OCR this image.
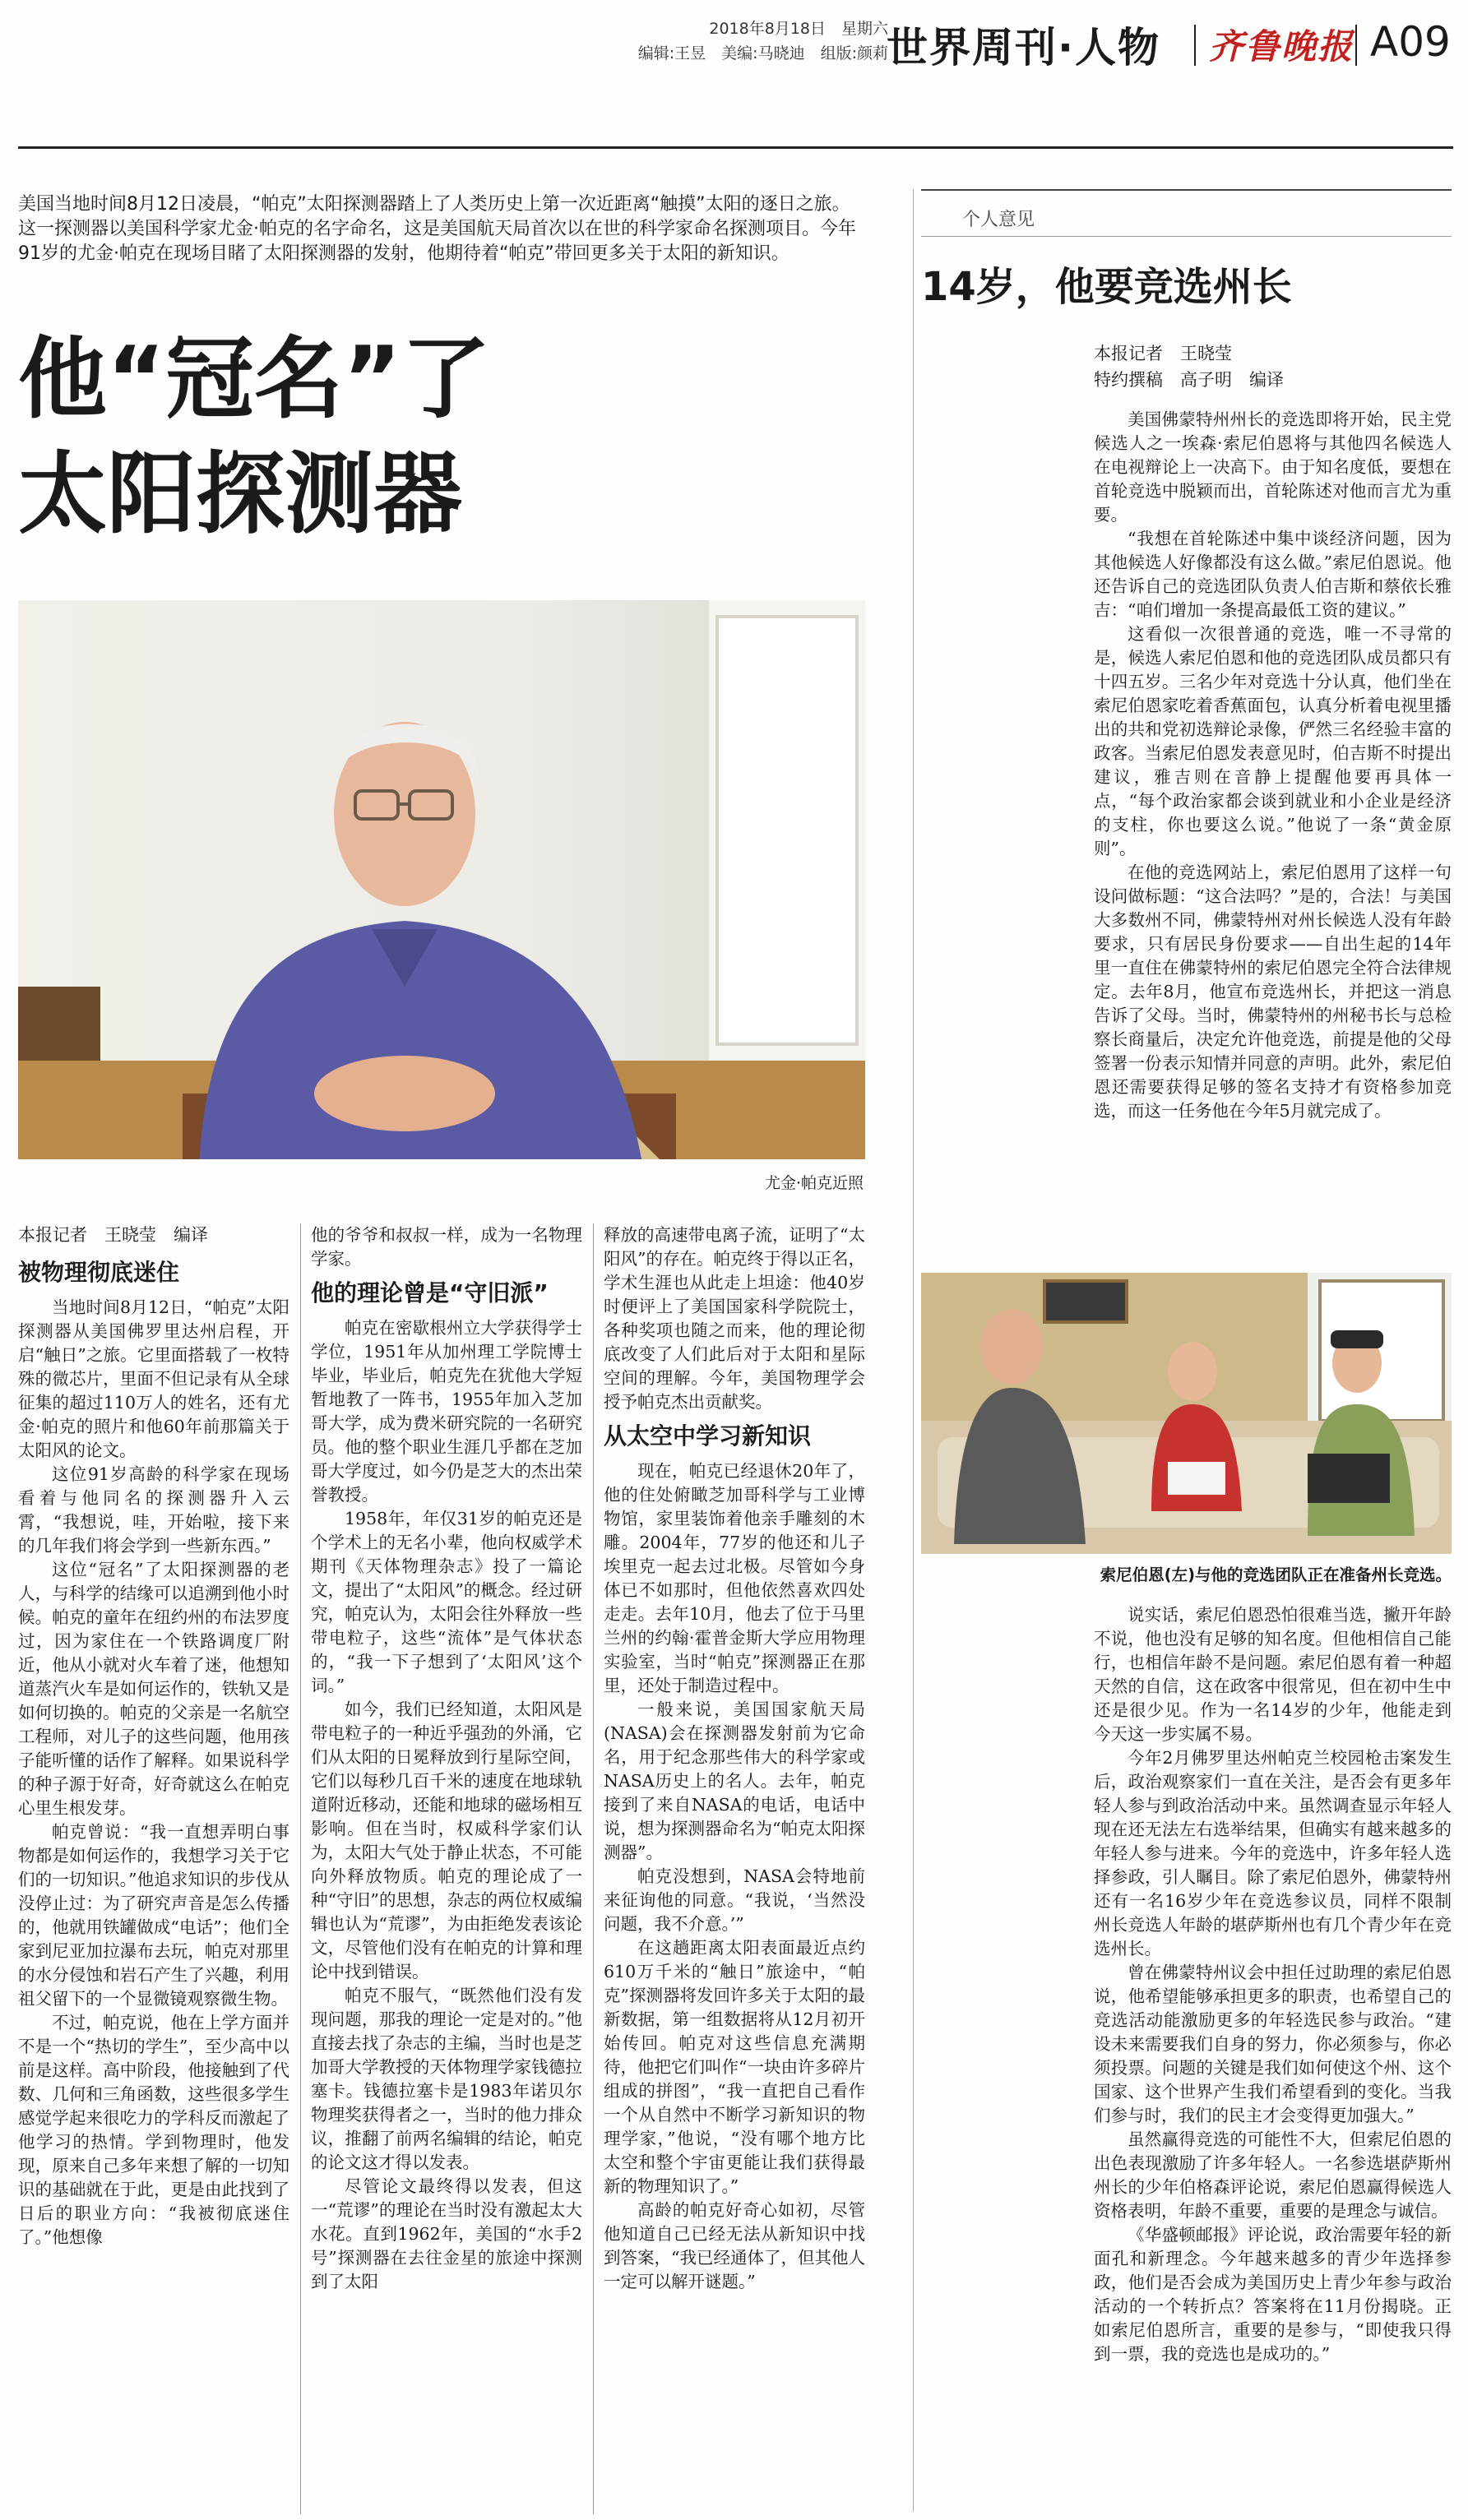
2018年8月18日　星期六
编辑:王昱　美编:马晓迪　组版:颜莉
世界周刊·人物 齐鲁晚报 A09
美国当地时间8月12日凌晨，“帕克”太阳探测器踏上了人类历史上第一次近距离“触摸”太阳的逐日之旅。这一探测器以美国科学家尤金·帕克的名字命名，这是美国航天局首次以在世的科学家命名探测项目。今年91岁的尤金·帕克在现场目睹了太阳探测器的发射，他期待着“帕克”带回更多关于太阳的新知识。
他“冠名”了
太阳探测器
尤金·帕克近照
本报记者　王晓莹　编译
被物理彻底迷住

当地时间8月12日，“帕克”太阳探测器从美国佛罗里达州启程，开启“触日”之旅。它里面搭载了一枚特殊的微芯片，里面不但记录有从全球征集的超过110万人的姓名，还有尤金·帕克的照片和他60年前那篇关于太阳风的论文。

这位91岁高龄的科学家在现场看着与他同名的探测器升入云霄，“我想说，哇，开始啦，接下来的几年我们将会学到一些新东西。”

这位“冠名”了太阳探测器的老人，与科学的结缘可以追溯到他小时候。帕克的童年在纽约州的布法罗度过，因为家住在一个铁路调度厂附近，他从小就对火车着了迷，他想知道蒸汽火车是如何运作的，铁轨又是如何切换的。帕克的父亲是一名航空工程师，对儿子的这些问题，他用孩子能听懂的话作了解释。如果说科学的种子源于好奇，好奇就这么在帕克心里生根发芽。

帕克曾说：“我一直想弄明白事物都是如何运作的，我想学习关于它们的一切知识。”他追求知识的步伐从没停止过：为了研究声音是怎么传播的，他就用铁罐做成“电话”；他们全家到尼亚加拉瀑布去玩，帕克对那里的水分侵蚀和岩石产生了兴趣，利用祖父留下的一个显微镜观察微生物。

不过，帕克说，他在上学方面并不是一个“热切的学生”，至少高中以前是这样。高中阶段，他接触到了代数、几何和三角函数，这些很多学生感觉学起来很吃力的学科反而激起了他学习的热情。学到物理时，他发现，原来自己多年来想了解的一切知识的基础就在于此，更是由此找到了日后的职业方向：“我被彻底迷住了。”他想像

他的爷爷和叔叔一样，成为一名物理学家。

他的理论曾是“守旧派”

帕克在密歇根州立大学获得学士学位，1951年从加州理工学院博士毕业，毕业后，帕克先在犹他大学短暂地教了一阵书，1955年加入芝加哥大学，成为费米研究院的一名研究员。他的整个职业生涯几乎都在芝加哥大学度过，如今仍是芝大的杰出荣誉教授。

1958年，年仅31岁的帕克还是个学术上的无名小辈，他向权威学术期刊《天体物理杂志》投了一篇论文，提出了“太阳风”的概念。经过研究，帕克认为，太阳会往外释放一些带电粒子，这些“流体”是气体状态的，“我一下子想到了‘太阳风’这个词。”

如今，我们已经知道，太阳风是带电粒子的一种近乎强劲的外涌，它们从太阳的日冕释放到行星际空间，它们以每秒几百千米的速度在地球轨道附近移动，还能和地球的磁场相互影响。但在当时，权威科学家们认为，太阳大气处于静止状态，不可能向外释放物质。帕克的理论成了一种“守旧”的思想，杂志的两位权威编辑也认为“荒谬”，为由拒绝发表该论文，尽管他们没有在帕克的计算和理论中找到错误。

帕克不服气，“既然他们没有发现问题，那我的理论一定是对的。”他直接去找了杂志的主编，当时也是芝加哥大学教授的天体物理学家钱德拉塞卡。钱德拉塞卡是1983年诺贝尔物理奖获得者之一，当时的他力排众议，推翻了前两名编辑的结论，帕克的论文这才得以发表。

尽管论文最终得以发表，但这一“荒谬”的理论在当时没有激起太大水花。直到1962年，美国的“水手2号”探测器在去往金星的旅途中探测到了太阳

释放的高速带电离子流，证明了“太阳风”的存在。帕克终于得以正名，学术生涯也从此走上坦途：他40岁时便评上了美国国家科学院院士，各种奖项也随之而来，他的理论彻底改变了人们此后对于太阳和星际空间的理解。今年，美国物理学会授予帕克杰出贡献奖。

从太空中学习新知识

现在，帕克已经退休20年了，他的住处俯瞰芝加哥科学与工业博物馆，家里装饰着他亲手雕刻的木雕。2004年，77岁的他还和儿子埃里克一起去过北极。尽管如今身体已不如那时，但他依然喜欢四处走走。去年10月，他去了位于马里兰州的约翰·霍普金斯大学应用物理实验室，当时“帕克”探测器正在那里，还处于制造过程中。

一般来说，美国国家航天局(NASA)会在探测器发射前为它命名，用于纪念那些伟大的科学家或NASA历史上的名人。去年，帕克接到了来自NASA的电话，电话中说，想为探测器命名为“帕克太阳探测器”。

帕克没想到，NASA会特地前来征询他的同意。“我说，‘当然没问题，我不介意。’”

在这趟距离太阳表面最近点约610万千米的“触日”旅途中，“帕克”探测器将发回许多关于太阳的最新数据，第一组数据将从12月初开始传回。帕克对这些信息充满期待，他把它们叫作“一块由许多碎片组成的拼图”，“我一直把自己看作一个从自然中不断学习新知识的物理学家，”他说，“没有哪个地方比太空和整个宇宙更能让我们获得最新的物理知识了。”

高龄的帕克好奇心如初，尽管他知道自己已经无法从新知识中找到答案，“我已经通体了，但其他人一定可以解开谜题。”

个人意见
14岁，他要竞选州长
本报记者　王晓莹
特约撰稿　高子明　编译

美国佛蒙特州州长的竞选即将开始，民主党候选人之一埃森·索尼伯恩将与其他四名候选人在电视辩论上一决高下。由于知名度低，要想在首轮竞选中脱颖而出，首轮陈述对他而言尤为重要。

“我想在首轮陈述中集中谈经济问题，因为其他候选人好像都没有这么做。”索尼伯恩说。他还告诉自己的竞选团队负责人伯吉斯和蔡依长雅吉：“咱们增加一条提高最低工资的建议。”

这看似一次很普通的竞选，唯一不寻常的是，候选人索尼伯恩和他的竞选团队成员都只有十四五岁。三名少年对竞选十分认真，他们坐在索尼伯恩家吃着香蕉面包，认真分析着电视里播出的共和党初选辩论录像，俨然三名经验丰富的政客。当索尼伯恩发表意见时，伯吉斯不时提出建议，雅吉则在音静上提醒他要再具体一点，“每个政治家都会谈到就业和小企业是经济的支柱，你也要这么说。”他说了一条“黄金原则”。

在他的竞选网站上，索尼伯恩用了这样一句设问做标题：“这合法吗？”是的，合法！与美国大多数州不同，佛蒙特州对州长候选人没有年龄要求，只有居民身份要求——自出生起的14年里一直住在佛蒙特州的索尼伯恩完全符合法律规定。去年8月，他宣布竞选州长，并把这一消息告诉了父母。当时，佛蒙特州的州秘书长与总检察长商量后，决定允许他竞选，前提是他的父母签署一份表示知情并同意的声明。此外，索尼伯恩还需要获得足够的签名支持才有资格参加竞选，而这一任务他在今年5月就完成了。

索尼伯恩(左)与他的竞选团队正在准备州长竞选。

说实话，索尼伯恩恐怕很难当选，撇开年龄不说，他也没有足够的知名度。但他相信自己能行，也相信年龄不是问题。索尼伯恩有着一种超天然的自信，这在政客中很常见，但在初中生中还是很少见。作为一名14岁的少年，他能走到今天这一步实属不易。

今年2月佛罗里达州帕克兰校园枪击案发生后，政治观察家们一直在关注，是否会有更多年轻人参与到政治活动中来。虽然调查显示年轻人现在还无法左右选举结果，但确实有越来越多的年轻人参与进来。今年的竞选中，许多年轻人选择参政，引人瞩目。除了索尼伯恩外，佛蒙特州还有一名16岁少年在竞选参议员，同样不限制州长竞选人年龄的堪萨斯州也有几个青少年在竞选州长。

曾在佛蒙特州议会中担任过助理的索尼伯恩说，他希望能够承担更多的职责，也希望自己的竞选活动能激励更多的年轻选民参与政治。“建设未来需要我们自身的努力，你必须参与，你必须投票。问题的关键是我们如何使这个州、这个国家、这个世界产生我们希望看到的变化。当我们参与时，我们的民主才会变得更加强大。”

虽然赢得竞选的可能性不大，但索尼伯恩的出色表现激励了许多年轻人。一名参选堪萨斯州州长的少年伯格森评论说，索尼伯恩赢得候选人资格表明，年龄不重要，重要的是理念与诚信。

《华盛顿邮报》评论说，政治需要年轻的新面孔和新理念。今年越来越多的青少年选择参政，他们是否会成为美国历史上青少年参与政治活动的一个转折点？答案将在11月份揭晓。正如索尼伯恩所言，重要的是参与，“即使我只得到一票，我的竞选也是成功的。”
